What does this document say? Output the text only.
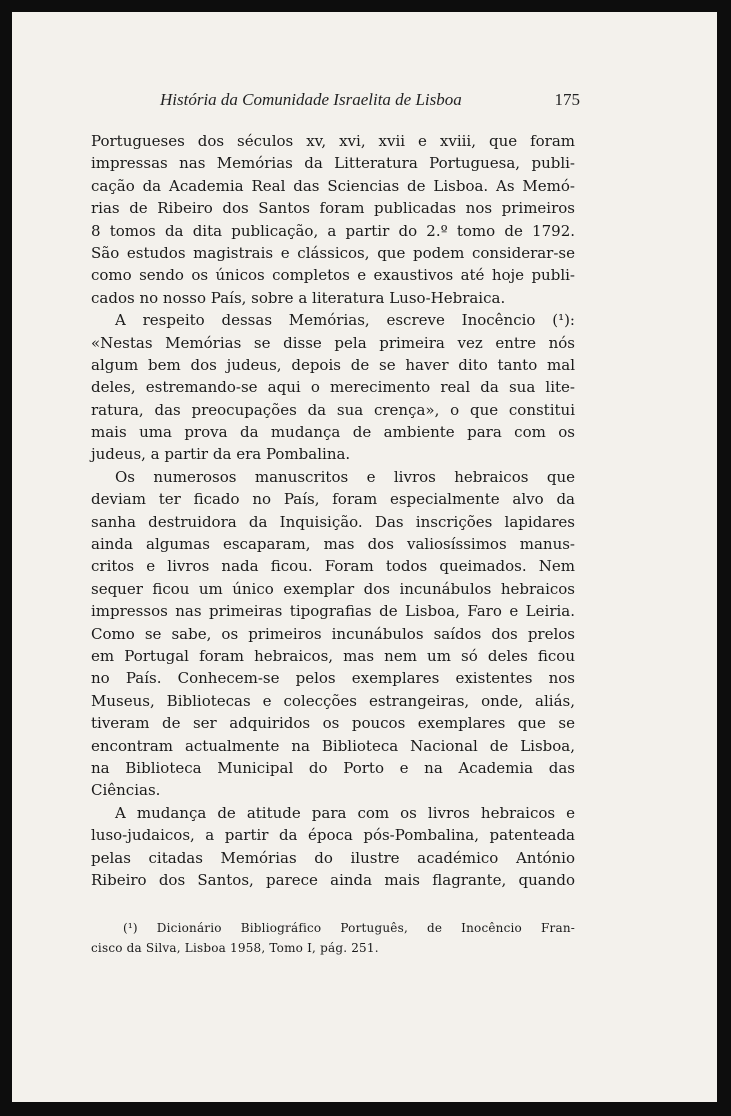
História da Comunidade Israelita de Lisboa	175
Portugueses dos séculos xv, xvi, xvii e xviii, que foram
impressas nas Memórias da Litteratura Portuguesa, publi-
cação da Academia Real das Sciencias de Lisboa. As Memó-
rias de Ribeiro dos Santos foram publicadas nos primeiros
8 tomos da dita publicação, a partir do 2.º tomo de 1792.
São estudos magistrais e clássicos, que podem considerar-se
como sendo os únicos completos e exaustivos até hoje publi-
cados no nosso País, sobre a literatura Luso-Hebraica.
A respeito dessas Memórias, escreve Inocêncio (¹):
«Nestas Memórias se disse pela primeira vez entre nós
algum bem dos judeus, depois de se haver dito tanto mal
deles, estremando-se aqui o merecimento real da sua lite-
ratura, das preocupações da sua crença», o que constitui
mais uma prova da mudança de ambiente para com os
judeus, a partir da era Pombalina.
Os numerosos manuscritos e livros hebraicos que
deviam ter ficado no País, foram especialmente alvo da
sanha destruidora da Inquisição. Das inscrições lapidares
ainda algumas escaparam, mas dos valiosíssimos manus-
critos e livros nada ficou. Foram todos queimados. Nem
sequer ficou um único exemplar dos incunábulos hebraicos
impressos nas primeiras tipografias de Lisboa, Faro e Leiria.
Como se sabe, os primeiros incunábulos saídos dos prelos
em Portugal foram hebraicos, mas nem um só deles ficou
no País. Conhecem-se pelos exemplares existentes nos
Museus, Bibliotecas e colecções estrangeiras, onde, aliás,
tiveram de ser adquiridos os poucos exemplares que se
encontram actualmente na Biblioteca Nacional de Lisboa,
na Biblioteca Municipal do Porto e na Academia das
Ciências.
A mudança de atitude para com os livros hebraicos e
luso-judaicos, a partir da época pós-Pombalina, patenteada
pelas citadas Memórias do ilustre académico António
Ribeiro dos Santos, parece ainda mais flagrante, quando
(¹) Dicionário Bibliográfico Português, de Inocêncio Fran-
cisco da Silva, Lisboa 1958, Tomo I, pág. 251.
